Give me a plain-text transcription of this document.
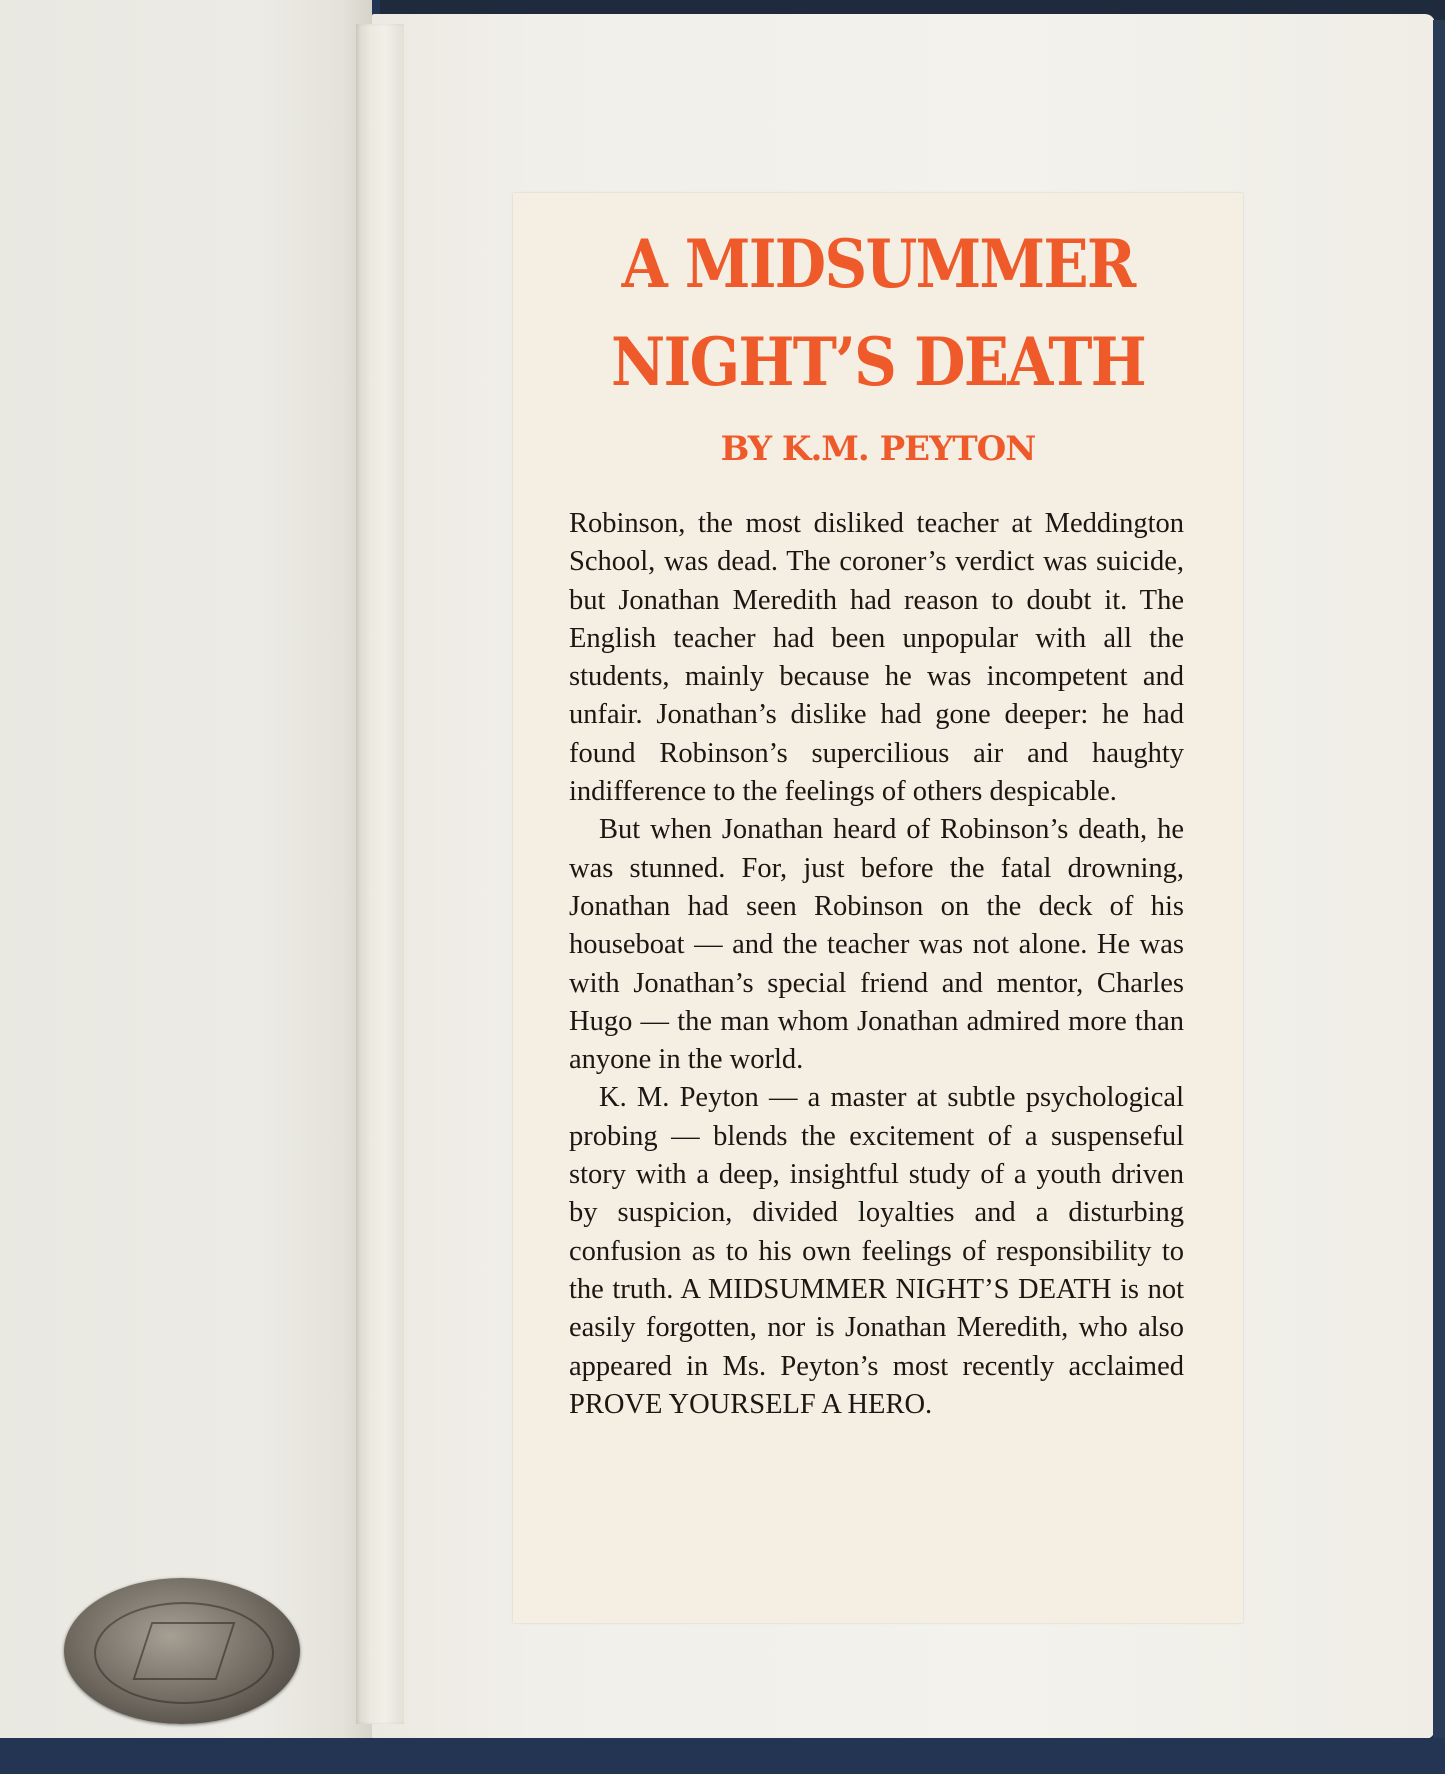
A MIDSUMMER
NIGHT’S DEATH
BY K.M. PEYTON

Robinson, the most disliked teacher at Meddington School, was dead. The coroner’s verdict was suicide, but Jonathan Meredith had reason to doubt it. The English teacher had been unpopular with all the students, mainly because he was incompetent and unfair. Jonathan’s dislike had gone deeper: he had found Robinson’s supercilious air and haughty indifference to the feelings of others despicable.

But when Jonathan heard of Robinson’s death, he was stunned. For, just before the fatal drowning, Jonathan had seen Robinson on the deck of his houseboat — and the teacher was not alone. He was with Jonathan’s special friend and mentor, Charles Hugo — the man whom Jonathan admired more than anyone in the world.

K. M. Peyton — a master at subtle psychological probing — blends the excitement of a suspenseful story with a deep, insightful study of a youth driven by suspicion, divided loyalties and a disturbing confusion as to his own feelings of responsibility to the truth. A MIDSUMMER NIGHT’S DEATH is not easily forgotten, nor is Jonathan Meredith, who also appeared in Ms. Peyton’s most recently acclaimed PROVE YOURSELF A HERO.
